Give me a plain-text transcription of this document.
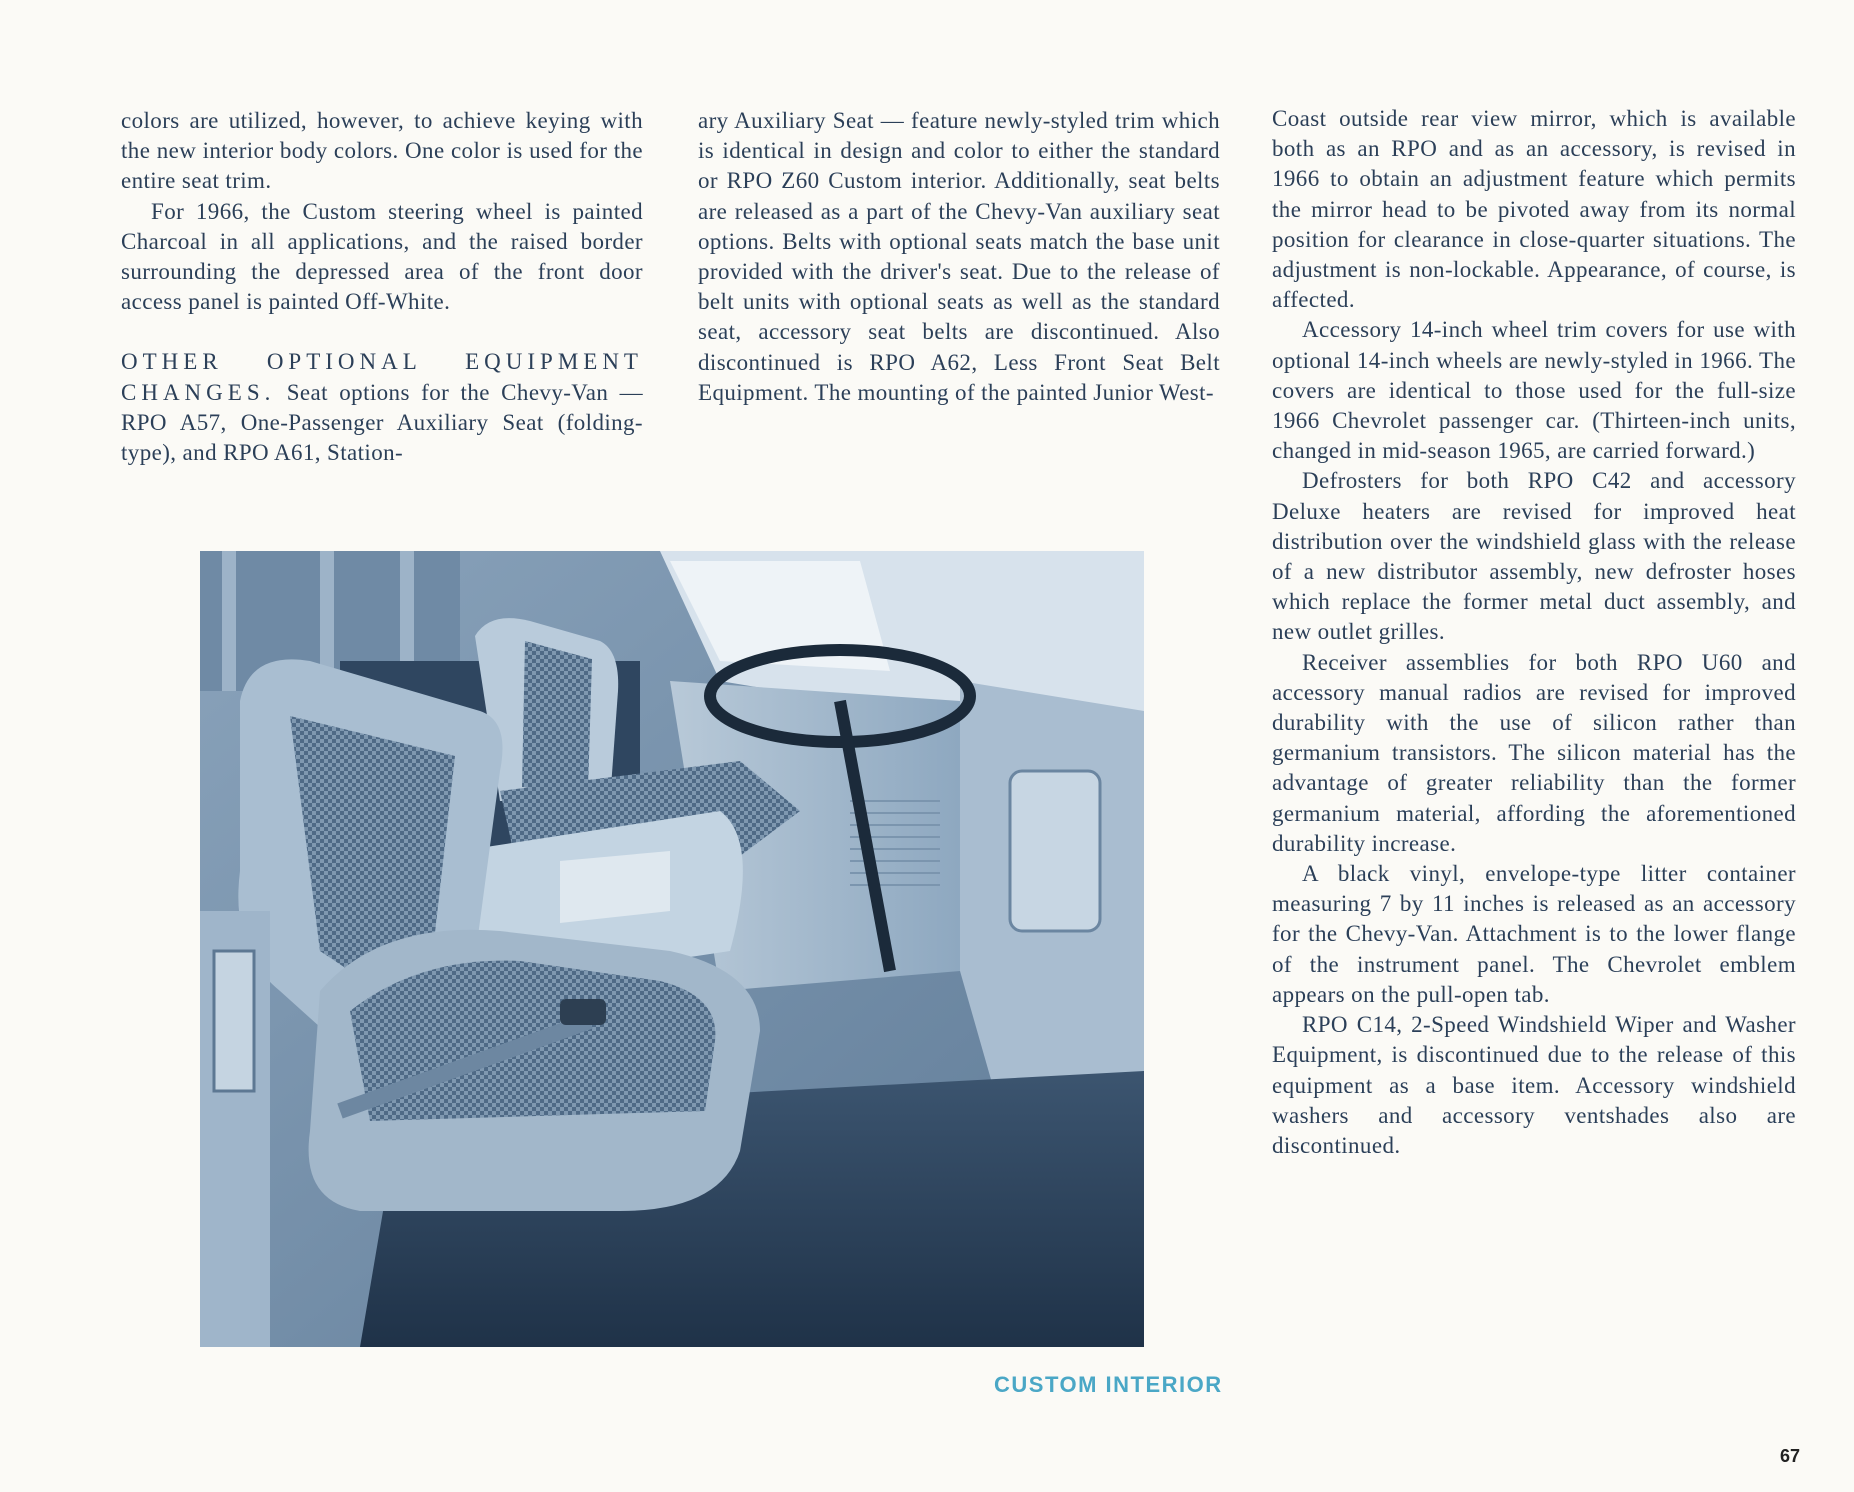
colors are utilized, however, to achieve keying with the new interior body colors. One color is used for the entire seat trim.

For 1966, the Custom steering wheel is painted Charcoal in all applications, and the raised border surrounding the depressed area of the front door access panel is painted Off-White.

OTHER OPTIONAL EQUIPMENT CHANGES. Seat options for the Chevy-Van — RPO A57, One-Passenger Auxiliary Seat (folding-type), and RPO A61, Station-

ary Auxiliary Seat — feature newly-styled trim which is identical in design and color to either the standard or RPO Z60 Custom interior. Additionally, seat belts are released as a part of the Chevy-Van auxiliary seat options. Belts with optional seats match the base unit provided with the driver's seat. Due to the release of belt units with optional seats as well as the standard seat, accessory seat belts are discontinued. Also discontinued is RPO A62, Less Front Seat Belt Equipment. The mounting of the painted Junior West-

Coast outside rear view mirror, which is available both as an RPO and as an accessory, is revised in 1966 to obtain an adjustment feature which permits the mirror head to be pivoted away from its normal position for clearance in close-quarter situations. The adjustment is non-lockable. Appearance, of course, is affected.

Accessory 14-inch wheel trim covers for use with optional 14-inch wheels are newly-styled in 1966. The covers are identical to those used for the full-size 1966 Chevrolet passenger car. (Thirteen-inch units, changed in mid-season 1965, are carried forward.)

Defrosters for both RPO C42 and accessory Deluxe heaters are revised for improved heat distribution over the windshield glass with the release of a new distributor assembly, new defroster hoses which replace the former metal duct assembly, and new outlet grilles.

Receiver assemblies for both RPO U60 and accessory manual radios are revised for improved durability with the use of silicon rather than germanium transistors. The silicon material has the advantage of greater reliability than the former germanium material, affording the aforementioned durability increase.

A black vinyl, envelope-type litter container measuring 7 by 11 inches is released as an accessory for the Chevy-Van. Attachment is to the lower flange of the instrument panel. The Chevrolet emblem appears on the pull-open tab.

RPO C14, 2-Speed Windshield Wiper and Washer Equipment, is discontinued due to the release of this equipment as a base item. Accessory windshield washers and accessory ventshades also are discontinued.

CUSTOM INTERIOR
67
